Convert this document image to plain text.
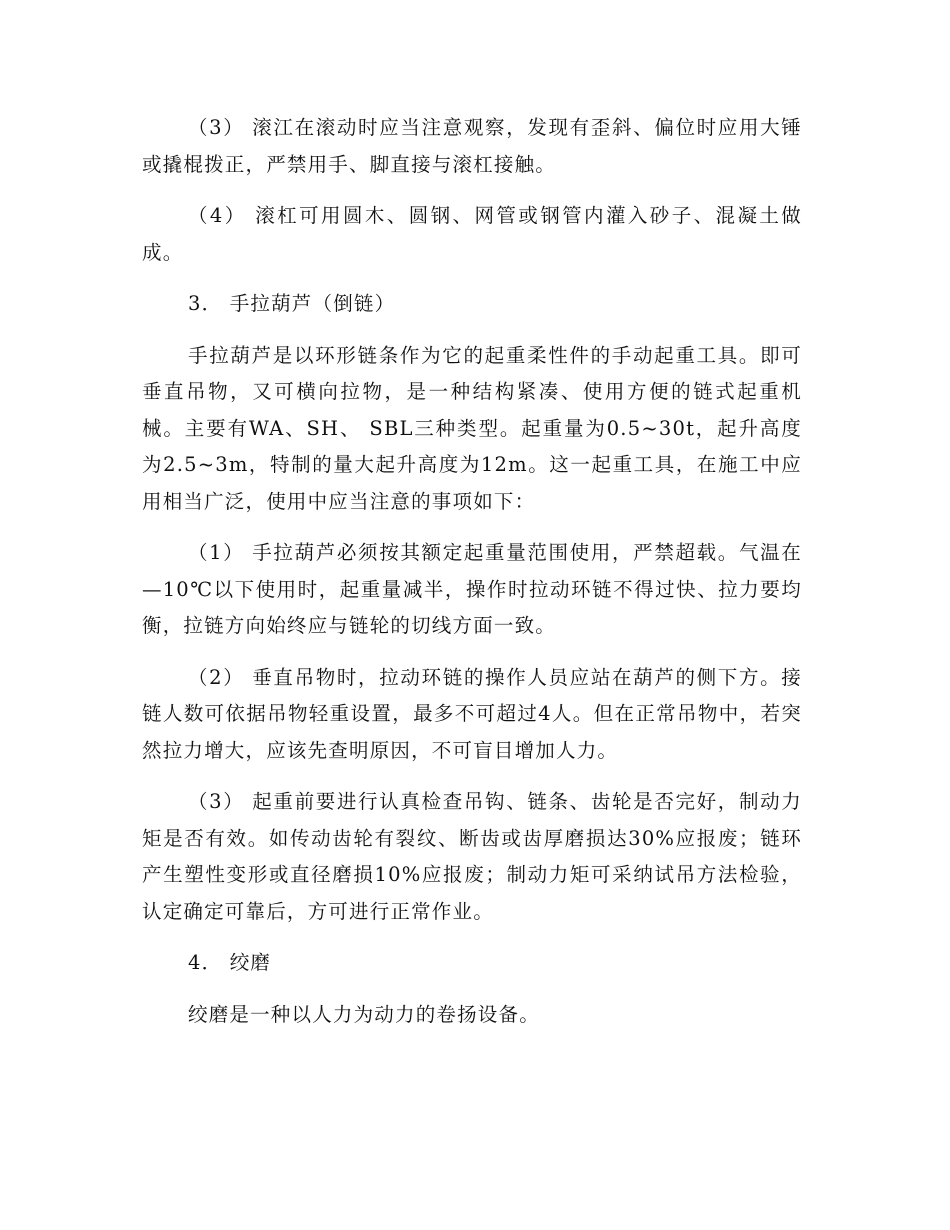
（3） 滚江在滚动时应当注意观察，发现有歪斜、偏位时应用大锤或撬棍拨正，严禁用手、脚直接与滚杠接触。

（4） 滚杠可用圆木、圆钢、网管或钢管内灌入砂子、混凝土做成。

3． 手拉葫芦（倒链）

手拉葫芦是以环形链条作为它的起重柔性件的手动起重工具。即可垂直吊物，又可横向拉物，是一种结构紧凑、使用方便的链式起重机械。主要有WA、SH、 SBL三种类型。起重量为0.5~30t，起升高度为2.5~3m，特制的量大起升高度为12m。这一起重工具，在施工中应用相当广泛，使用中应当注意的事项如下：

（1） 手拉葫芦必须按其额定起重量范围使用，严禁超载。气温在—10℃以下使用时，起重量减半，操作时拉动环链不得过快、拉力要均衡，拉链方向始终应与链轮的切线方面一致。

（2） 垂直吊物时，拉动环链的操作人员应站在葫芦的侧下方。接链人数可依据吊物轻重设置，最多不可超过4人。但在正常吊物中，若突然拉力增大，应该先查明原因，不可盲目增加人力。

（3） 起重前要进行认真检查吊钩、链条、齿轮是否完好，制动力矩是否有效。如传动齿轮有裂纹、断齿或齿厚磨损达30%应报废；链环产生塑性变形或直径磨损10%应报废；制动力矩可采纳试吊方法检验，认定确定可靠后，方可进行正常作业。

4． 绞磨

绞磨是一种以人力为动力的卷扬设备。
